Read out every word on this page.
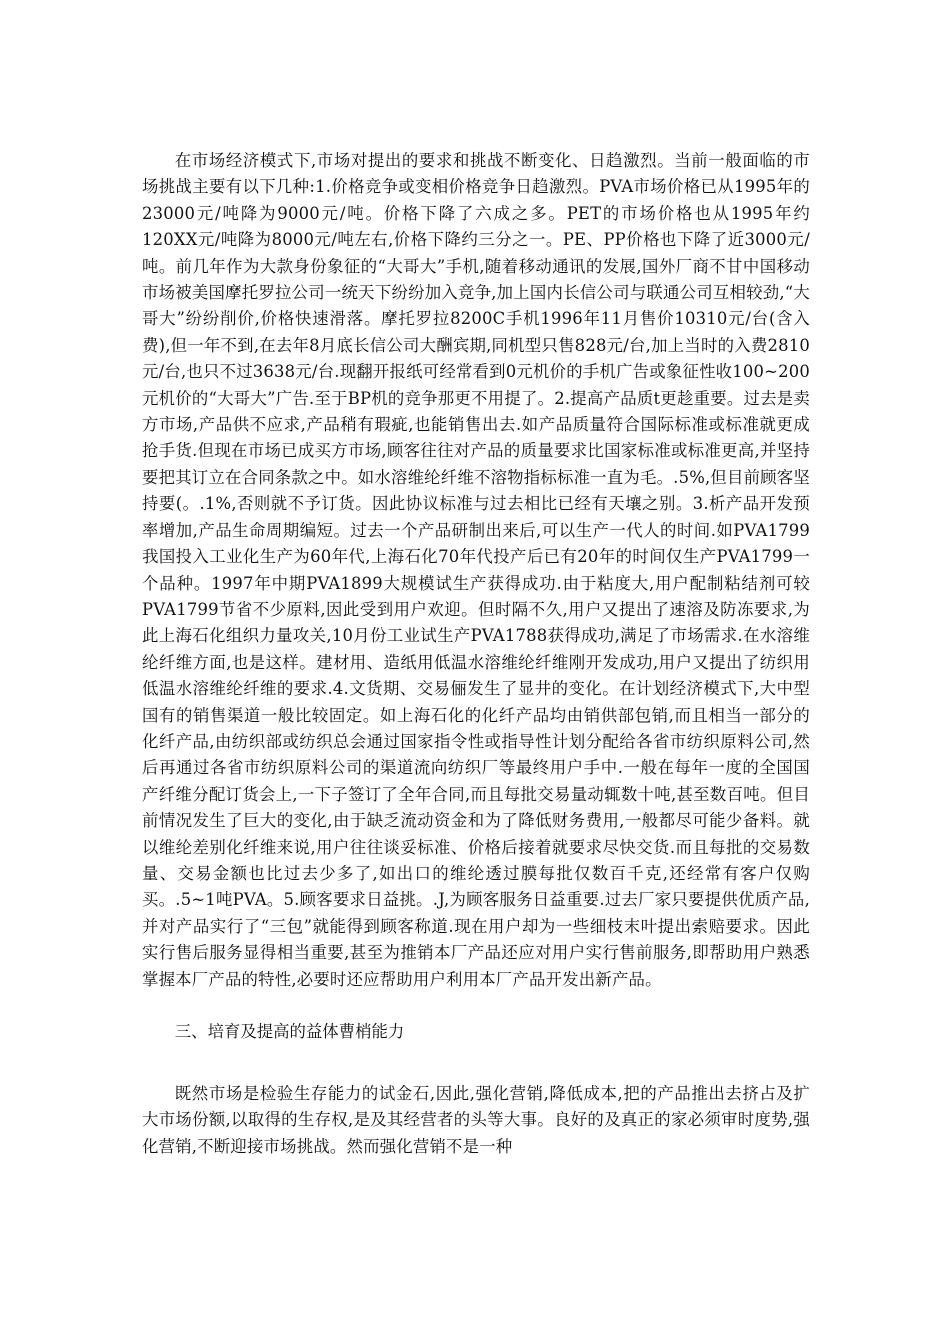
在市场经济模式下,市场对提出的要求和挑战不断变化、日趋激烈。当前一般面临的市场挑战主要有以下几种:1.价格竞争或变相价格竞争日趋激烈。PVA市场价格已从1995年的23000元/吨降为9000元/吨。价格下降了六成之多。PET的市场价格也从1995年约120XX元/吨降为8000元/吨左右,价格下降约三分之一。PE、PP价格也下降了近3000元/吨。前几年作为大款身份象征的“大哥大”手机,随着移动通讯的发展,国外厂商不甘中国移动市场被美国摩托罗拉公司一统天下纷纷加入竞争,加上国内长信公司与联通公司互相较劲,“大哥大”纷纷削价,价格快速滑落。摩托罗拉8200C手机1996年11月售价10310元/台(含入费),但一年不到,在去年8月底长信公司大酬宾期,同机型只售828元/台,加上当时的入费2810元/台,也只不过3638元/台.现翻开报纸可经常看到0元机价的手机广告或象征性收100~200元机价的“大哥大”广告.至于BP机的竞争那更不用提了。2.提高产品质t更趁重要。过去是卖方市场,产品供不应求,产品稍有瑕疵,也能销售出去.如产品质量符合国际标准或标准就更成抢手货.但现在市场已成买方市场,顾客往往对产品的质量要求比国家标准或标准更高,并坚持要把其订立在合同条款之中。如水溶维纶纤维不溶物指标标准一直为毛。.5%,但目前顾客坚持要(。.1%,否则就不予订货。因此协议标准与过去相比已经有天壤之别。3.析产品开发预率增加,产品生命周期编短。过去一个产品研制出来后,可以生产一代人的时间.如PVA1799我国投入工业化生产为60年代,上海石化70年代投产后已有20年的时间仅生产PVA1799一个品种。1997年中期PVA1899大规模试生产获得成功.由于粘度大,用户配制粘结剂可较PVA1799节省不少原料,因此受到用户欢迎。但时隔不久,用户又提出了速溶及防冻要求,为此上海石化组织力量攻关,10月份工业试生产PVA1788获得成功,满足了市场需求.在水溶维纶纤维方面,也是这样。建材用、造纸用低温水溶维纶纤维刚开发成功,用户又提出了纺织用低温水溶维纶纤维的要求.4.文货期、交易俪发生了显井的变化。在计划经济模式下,大中型国有的销售渠道一般比较固定。如上海石化的化纤产品均由销供部包销,而且相当一部分的化纤产品,由纺织部或纺织总会通过国家指令性或指导性计划分配给各省市纺织原料公司,然后再通过各省市纺织原料公司的渠道流向纺织厂等最终用户手中.一般在每年一度的全国国产纤维分配订货会上,一下子签订了全年合同,而且每批交易量动辄数十吨,甚至数百吨。但目前情况发生了巨大的变化,由于缺乏流动资金和为了降低财务费用,一般都尽可能少备料。就以维纶差别化纤维来说,用户往往谈妥标准、价格后接着就要求尽快交货.而且每批的交易数量、交易金额也比过去少多了,如出口的维纶透过膜每批仅数百千克,还经常有客户仅购买。.5~1吨PVA。5.顾客要求日益挑。.J,为顾客服务日益重要.过去厂家只要提供优质产品,并对产品实行了“三包”就能得到顾客称道.现在用户却为一些细枝末叶提出索赔要求。因此实行售后服务显得相当重要,甚至为推销本厂产品还应对用户实行售前服务,即帮助用户熟悉掌握本厂产品的特性,必要时还应帮助用户利用本厂产品开发出新产品。

三、培育及提高的益体曹梢能力

既然市场是检验生存能力的试金石,因此,强化营销,降低成本,把的产品推出去挤占及扩大市场份额,以取得的生存权,是及其经营者的头等大事。良好的及真正的家必须审时度势,强化营销,不断迎接市场挑战。然而强化营销不是一种
